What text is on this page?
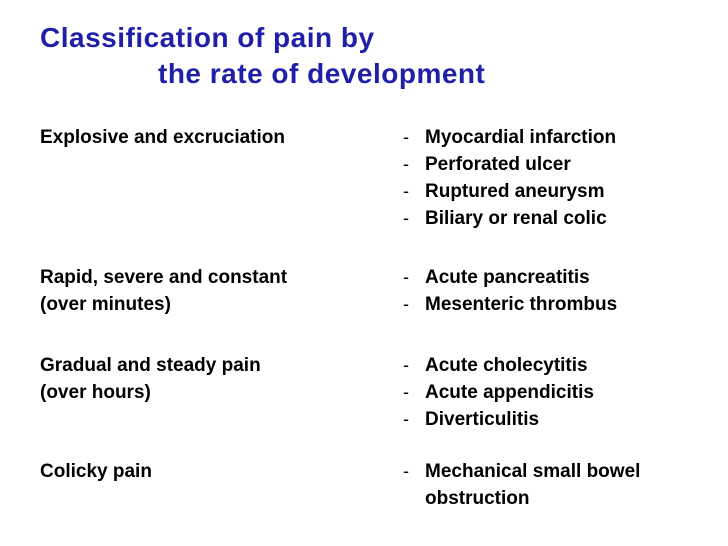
Classification of pain by
the rate of development
Explosive and excruciation	- Myocardial infarction
- Perforated ulcer
- Ruptured aneurysm
- Biliary or renal colic
Rapid, severe and constant
(over minutes)
- Acute pancreatitis
- Mesenteric thrombus
Gradual and steady pain
(over hours)
- Acute cholecytitis
- Acute appendicitis
- Diverticulitis
Colicky pain	- Mechanical small bowel
obstruction
